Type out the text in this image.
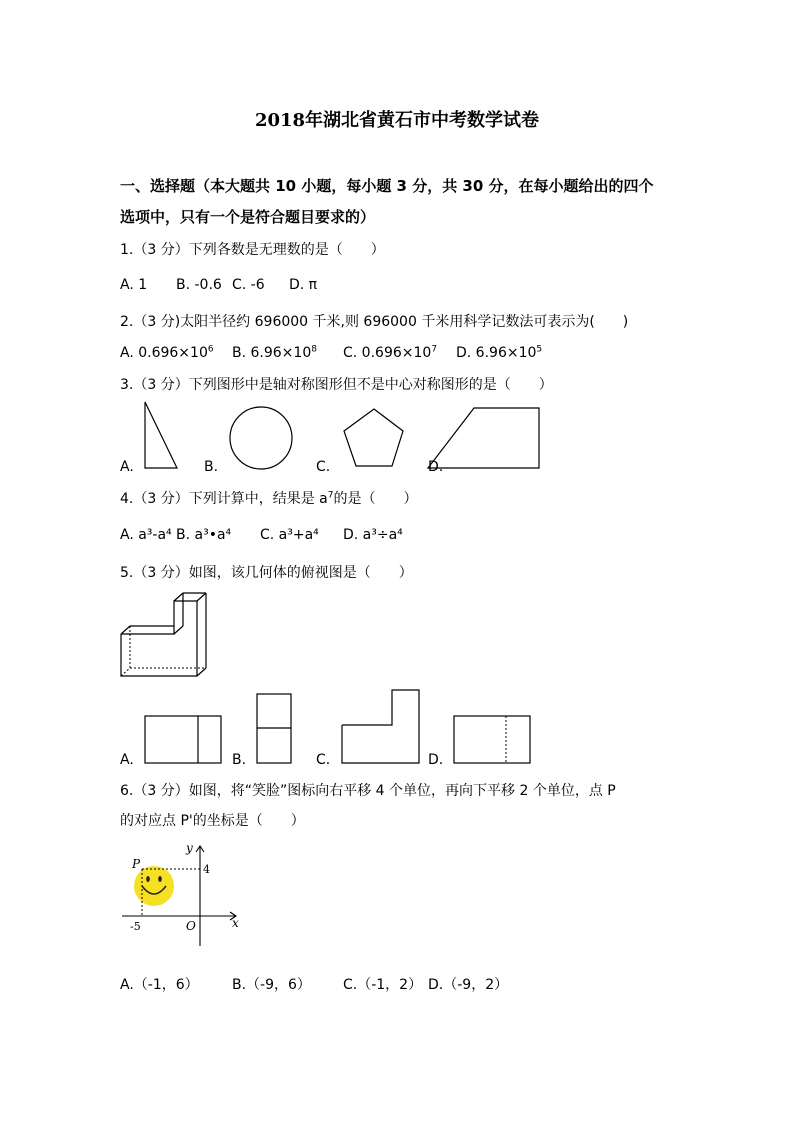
2018年湖北省黄石市中考数学试卷
一、选择题（本大题共 10 小题，每小题 3 分，共 30 分，在每小题给出的四个
选项中，只有一个是符合题目要求的）
1.（3 分）下列各数是无理数的是（　　）
A. 1 B. -0.6 C. -6 D. π
2.（3 分)太阳半径约 696000 千米,则 696000 千米用科学记数法可表示为(　　)
A. $0.696\times 10^6$ B. $6.96\times 10^8$ C. $0.696\times 10^7$ D. $6.96\times 10^5$
3.（3 分）下列图形中是轴对称图形但不是中心对称图形的是（　　）
A.	B.	C.	D.
4.（3 分）下列计算中，结果是 $a^7$的是（　　）
A. a³-a⁴ B. a³•a⁴ C. a³+a⁴ D. a³÷a⁴
5.（3 分）如图，该几何体的俯视图是（　　）
A.	B.	C.	D.
6.（3 分）如图，将“笑脸”图标向右平移 4 个单位，再向下平移 2 个单位，点 P
的对应点 P'的坐标是（　　）
y
x
P	4
-5	O
A.（-1，6） B.（-9，6） C.（-1，2） D.（-9，2）
